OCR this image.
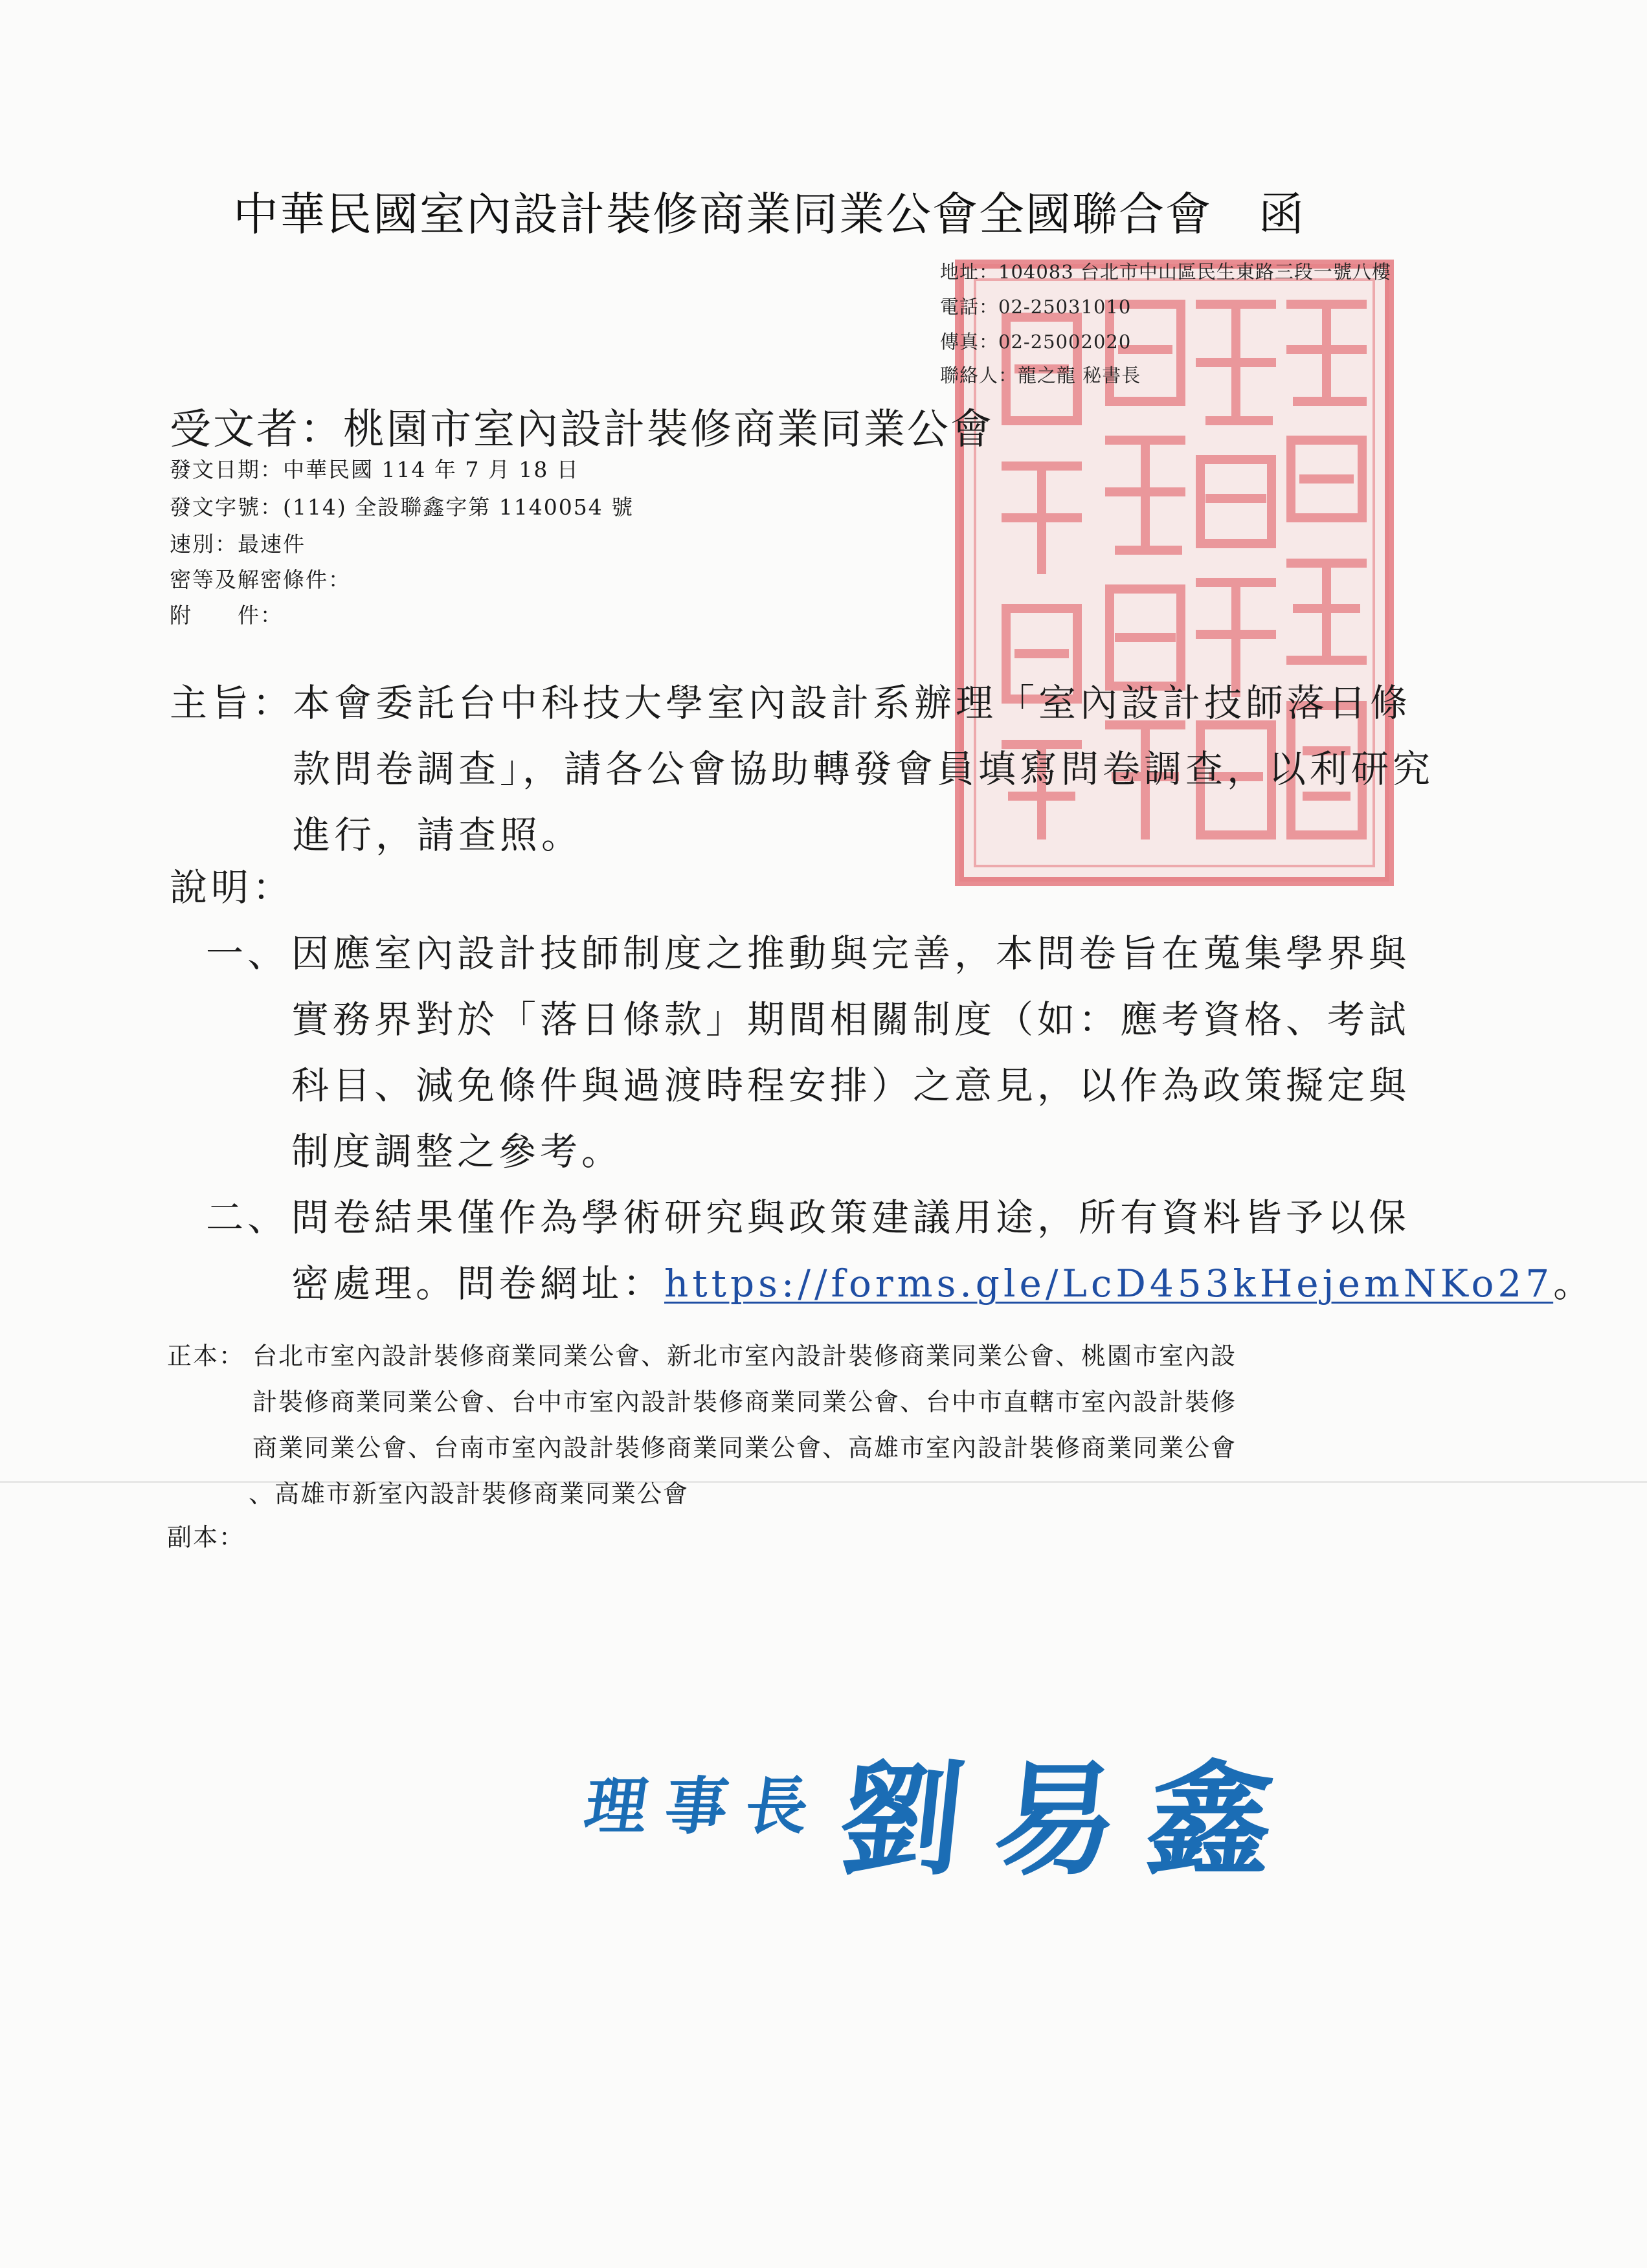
中華民國室內設計裝修商業同業公會全國聯合會　函
地址：104083 台北市中山區民生東路三段一號八樓
電話：02-25031010
傳真：02-25002020
聯絡人：龍之龍 秘書長
受文者：桃園市室內設計裝修商業同業公會
發文日期：中華民國 114 年 7 月 18 日
發文字號：(114) 全設聯鑫字第 1140054 號
速別：最速件
密等及解密條件：
附　　件：
主旨：
本會委託台中科技大學室內設計系辦理「室內設計技師落日條
款問卷調查」，請各公會協助轉發會員填寫問卷調查，以利研究
進行，請查照。
說明：
一、 因應室內設計技師制度之推動與完善，本問卷旨在蒐集學界與
實務界對於「落日條款」期間相關制度（如：應考資格、考試
科目、減免條件與過渡時程安排）之意見，以作為政策擬定與
制度調整之參考。
二、 問卷結果僅作為學術研究與政策建議用途，所有資料皆予以保
密處理。問卷網址：https://forms.gle/LcD453kHejemNKo27。
正本： 台北市室內設計裝修商業同業公會、新北市室內設計裝修商業同業公會、桃園市室內設
計裝修商業同業公會、台中市室內設計裝修商業同業公會、台中市直轄市室內設計裝修
商業同業公會、台南市室內設計裝修商業同業公會、高雄市室內設計裝修商業同業公會
、高雄市新室內設計裝修商業同業公會
副本：
理事長 劉易鑫
